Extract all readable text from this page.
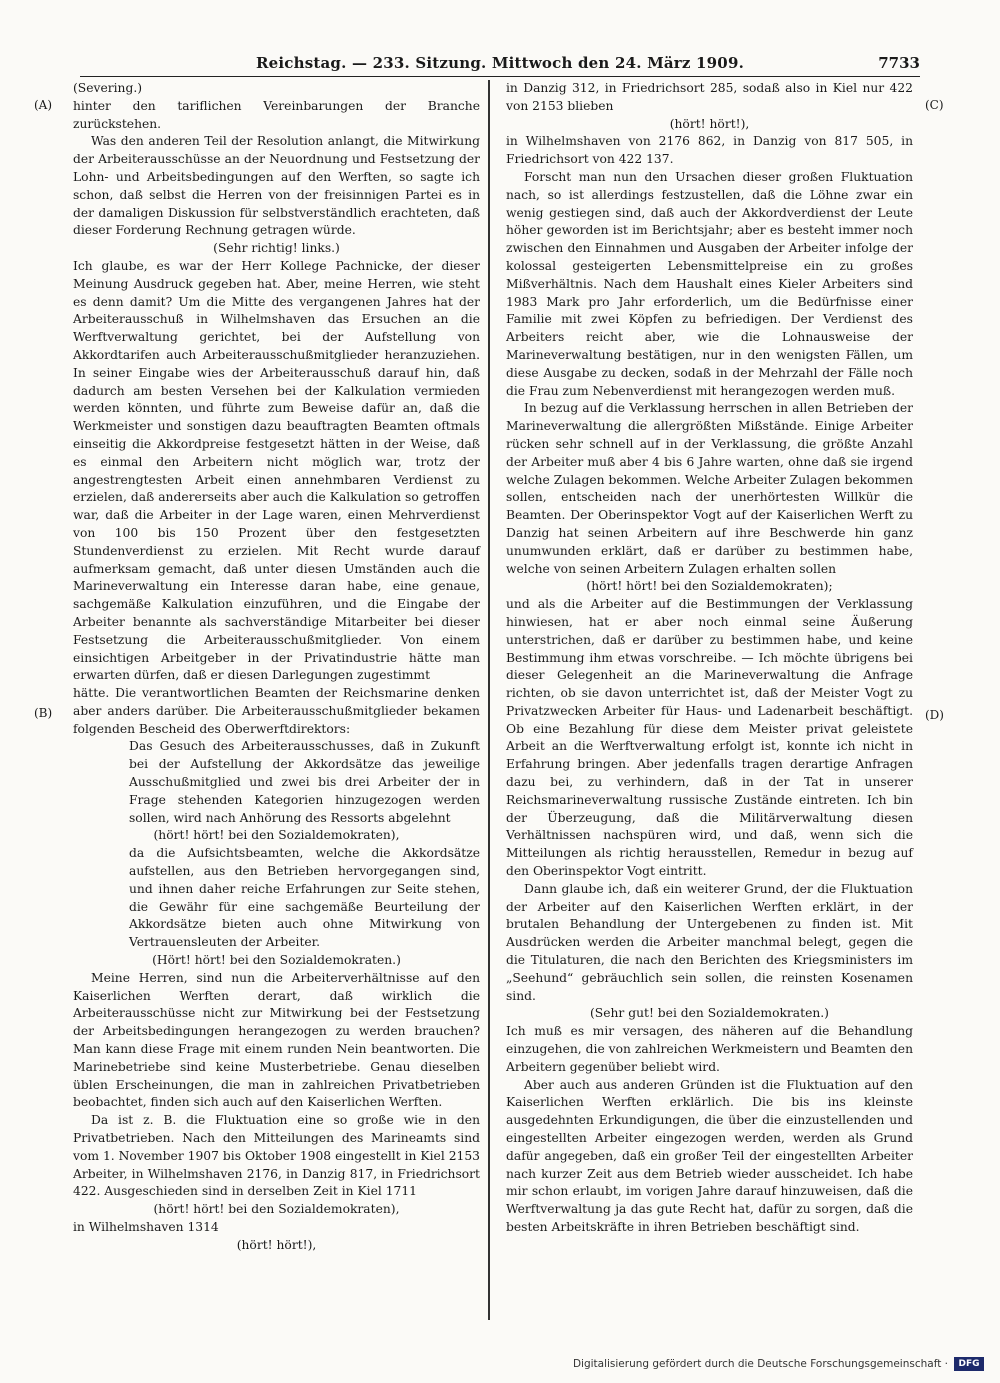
Reichstag. — 233. Sitzung. Mittwoch den 24. März 1909.	7733
(A)
(B)
(C)
(D)

(Severing.)

hinter den tariflichen Vereinbarungen der Branche zurückstehen.

Was den anderen Teil der Resolution anlangt, die Mitwirkung der Arbeiterausschüsse an der Neuordnung und Festsetzung der Lohn- und Arbeitsbedingungen auf den Werften, so sagte ich schon, daß selbst die Herren von der freisinnigen Partei es in der damaligen Diskussion für selbstverständlich erachteten, daß dieser Forderung Rechnung getragen würde.

(Sehr richtig! links.)

Ich glaube, es war der Herr Kollege Pachnicke, der dieser Meinung Ausdruck gegeben hat. Aber, meine Herren, wie steht es denn damit? Um die Mitte des vergangenen Jahres hat der Arbeiterausschuß in Wilhelmshaven das Ersuchen an die Werftverwaltung gerichtet, bei der Aufstellung von Akkordtarifen auch Arbeiterausschußmitglieder heranzuziehen. In seiner Eingabe wies der Arbeiterausschuß darauf hin, daß dadurch am besten Versehen bei der Kalkulation vermieden werden könnten, und führte zum Beweise dafür an, daß die Werkmeister und sonstigen dazu beauftragten Beamten oftmals einseitig die Akkordpreise festgesetzt hätten in der Weise, daß es einmal den Arbeitern nicht möglich war, trotz der angestrengtesten Arbeit einen annehmbaren Verdienst zu erzielen, daß andererseits aber auch die Kalkulation so getroffen war, daß die Arbeiter in der Lage waren, einen Mehrverdienst von 100 bis 150 Prozent über den festgesetzten Stundenverdienst zu erzielen. Mit Recht wurde darauf aufmerksam gemacht, daß unter diesen Umständen auch die Marineverwaltung ein Interesse daran habe, eine genaue, sachgemäße Kalkulation einzuführen, und die Eingabe der Arbeiter benannte als sachverständige Mitarbeiter bei dieser Festsetzung die Arbeiterausschußmitglieder. Von einem einsichtigen Arbeitgeber in der Privatindustrie hätte man erwarten dürfen, daß er diesen Darlegungen zugestimmt

hätte. Die verantwortlichen Beamten der Reichsmarine denken aber anders darüber. Die Arbeiterausschußmitglieder bekamen folgenden Bescheid des Oberwerftdirektors:

Das Gesuch des Arbeiterausschusses, daß in Zukunft bei der Aufstellung der Akkordsätze das jeweilige Ausschußmitglied und zwei bis drei Arbeiter der in Frage stehenden Kategorien hinzugezogen werden sollen, wird nach Anhörung des Ressorts abgelehnt

(hört! hört! bei den Sozialdemokraten),

da die Aufsichtsbeamten, welche die Akkordsätze aufstellen, aus den Betrieben hervorgegangen sind, und ihnen daher reiche Erfahrungen zur Seite stehen, die Gewähr für eine sachgemäße Beurteilung der Akkordsätze bieten auch ohne Mitwirkung von Vertrauensleuten der Arbeiter.

(Hört! hört! bei den Sozialdemokraten.)

Meine Herren, sind nun die Arbeiterverhältnisse auf den Kaiserlichen Werften derart, daß wirklich die Arbeiterausschüsse nicht zur Mitwirkung bei der Festsetzung der Arbeitsbedingungen herangezogen zu werden brauchen? Man kann diese Frage mit einem runden Nein beantworten. Die Marinebetriebe sind keine Musterbetriebe. Genau dieselben üblen Erscheinungen, die man in zahlreichen Privatbetrieben beobachtet, finden sich auch auf den Kaiserlichen Werften.

Da ist z. B. die Fluktuation eine so große wie in den Privatbetrieben. Nach den Mitteilungen des Marineamts sind vom 1. November 1907 bis Oktober 1908 eingestellt in Kiel 2153 Arbeiter, in Wilhelmshaven 2176, in Danzig 817, in Friedrichsort 422. Ausgeschieden sind in derselben Zeit in Kiel 1711

(hört! hört! bei den Sozialdemokraten),

in Wilhelmshaven 1314

(hört! hört!),

in Danzig 312, in Friedrichsort 285, sodaß also in Kiel nur 422 von 2153 blieben

(hört! hört!),

in Wilhelmshaven von 2176 862, in Danzig von 817 505, in Friedrichsort von 422 137.

Forscht man nun den Ursachen dieser großen Fluktuation nach, so ist allerdings festzustellen, daß die Löhne zwar ein wenig gestiegen sind, daß auch der Akkordverdienst der Leute höher geworden ist im Berichtsjahr; aber es besteht immer noch zwischen den Einnahmen und Ausgaben der Arbeiter infolge der kolossal gesteigerten Lebensmittelpreise ein zu großes Mißverhältnis. Nach dem Haushalt eines Kieler Arbeiters sind 1983 Mark pro Jahr erforderlich, um die Bedürfnisse einer Familie mit zwei Köpfen zu befriedigen. Der Verdienst des Arbeiters reicht aber, wie die Lohnausweise der Marineverwaltung bestätigen, nur in den wenigsten Fällen, um diese Ausgabe zu decken, sodaß in der Mehrzahl der Fälle noch die Frau zum Nebenverdienst mit herangezogen werden muß.

In bezug auf die Verklassung herrschen in allen Betrieben der Marineverwaltung die allergrößten Mißstände. Einige Arbeiter rücken sehr schnell auf in der Verklassung, die größte Anzahl der Arbeiter muß aber 4 bis 6 Jahre warten, ohne daß sie irgend welche Zulagen bekommen. Welche Arbeiter Zulagen bekommen sollen, entscheiden nach der unerhörtesten Willkür die Beamten. Der Oberinspektor Vogt auf der Kaiserlichen Werft zu Danzig hat seinen Arbeitern auf ihre Beschwerde hin ganz unumwunden erklärt, daß er darüber zu bestimmen habe, welche von seinen Arbeitern Zulagen erhalten sollen

(hört! hört! bei den Sozialdemokraten);

und als die Arbeiter auf die Bestimmungen der Verklassung hinwiesen, hat er aber noch einmal seine Äußerung unterstrichen, daß er darüber zu bestimmen habe, und keine Bestimmung ihm etwas vorschreibe. — Ich möchte übrigens bei dieser Gelegenheit an die Marineverwaltung die Anfrage richten, ob sie davon unterrichtet ist, daß der Meister Vogt zu Privatzwecken Arbeiter für Haus- und Ladenarbeit beschäftigt. Ob eine Bezahlung für diese dem Meister privat geleistete Arbeit an die Werftverwaltung erfolgt ist, konnte ich nicht in Erfahrung bringen. Aber jedenfalls tragen derartige Anfragen dazu bei, zu verhindern, daß in der Tat in unserer Reichsmarineverwaltung russische Zustände eintreten. Ich bin der Überzeugung, daß die Militärverwaltung diesen Verhältnissen nachspüren wird, und daß, wenn sich die Mitteilungen als richtig herausstellen, Remedur in bezug auf den Oberinspektor Vogt eintritt.

Dann glaube ich, daß ein weiterer Grund, der die Fluktuation der Arbeiter auf den Kaiserlichen Werften erklärt, in der brutalen Behandlung der Untergebenen zu finden ist. Mit Ausdrücken werden die Arbeiter manchmal belegt, gegen die die Titulaturen, die nach den Berichten des Kriegsministers im „Seehund“ gebräuchlich sein sollen, die reinsten Kosenamen sind.

(Sehr gut! bei den Sozialdemokraten.)

Ich muß es mir versagen, des näheren auf die Behandlung einzugehen, die von zahlreichen Werkmeistern und Beamten den Arbeitern gegenüber beliebt wird.

Aber auch aus anderen Gründen ist die Fluktuation auf den Kaiserlichen Werften erklärlich. Die bis ins kleinste ausgedehnten Erkundigungen, die über die einzustellenden und eingestellten Arbeiter eingezogen werden, werden als Grund dafür angegeben, daß ein großer Teil der eingestellten Arbeiter nach kurzer Zeit aus dem Betrieb wieder ausscheidet. Ich habe mir schon erlaubt, im vorigen Jahre darauf hinzuweisen, daß die Werftverwaltung ja das gute Recht hat, dafür zu sorgen, daß die besten Arbeitskräfte in ihren Betrieben beschäftigt sind.

Digitalisierung gefördert durch die Deutsche Forschungsgemeinschaft ·	DFG
